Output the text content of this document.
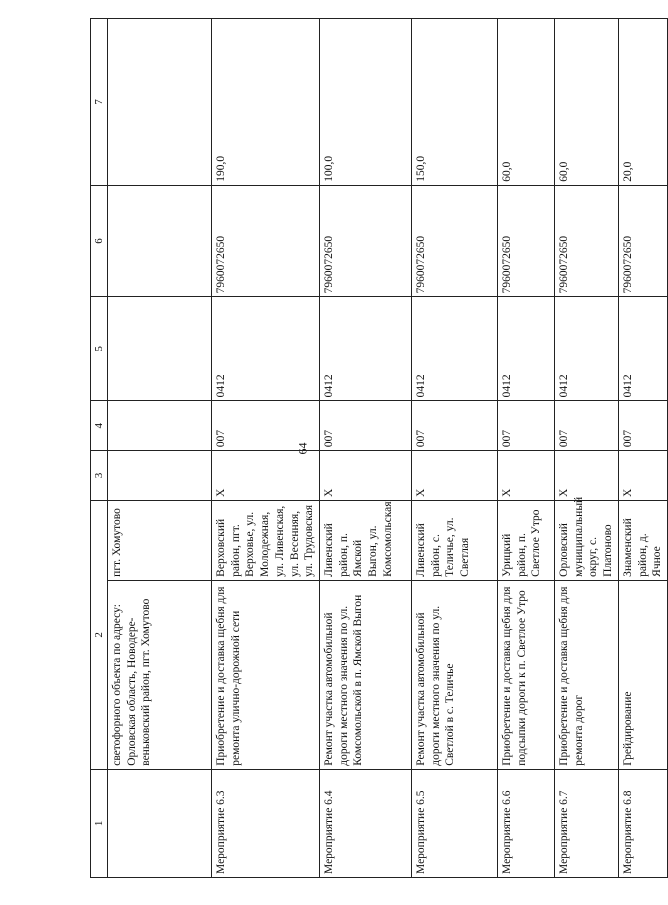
64
1	2		3	4	5	6	7
	светофорного объекта по адресу: Орловская область, Новодере-веньковский район, пгт. Хомутово	пгт. Хомутово					
Мероприятие 6.3	Приобретение и доставка щебня для ремонта улично-дорожной сети	Верховский район, пгт. Верховье, ул. Молодежная, ул. Ливенская, ул. Весенняя, ул. Трудовская	X	007	0412	7960072650	190,0
Мероприятие 6.4	Ремонт участка автомобильной дороги местного значения по ул. Комсомольской в п. Ямской Выгон	Ливенский район, п. Ямской Выгон, ул. Комсомольская	X	007	0412	7960072650	100,0
Мероприятие 6.5	Ремонт участка автомобильной дороги местного значения по ул. Светлой в с. Теличье	Ливенский район, с. Теличье, ул. Светлая	X	007	0412	7960072650	150,0
Мероприятие 6.6	Приобретение и доставка щебня для подсыпки дороги к п. Светлое Утро	Урицкий район, п. Светлое Утро	X	007	0412	7960072650	60,0
Мероприятие 6.7	Приобретение и доставка щебня для ремонта дорог	Орловский муниципальный округ, с. Платоново	X	007	0412	7960072650	60,0
Мероприятие 6.8	Грейдирование	Знаменский район, д. Ячное	X	007	0412	7960072650	20,0
